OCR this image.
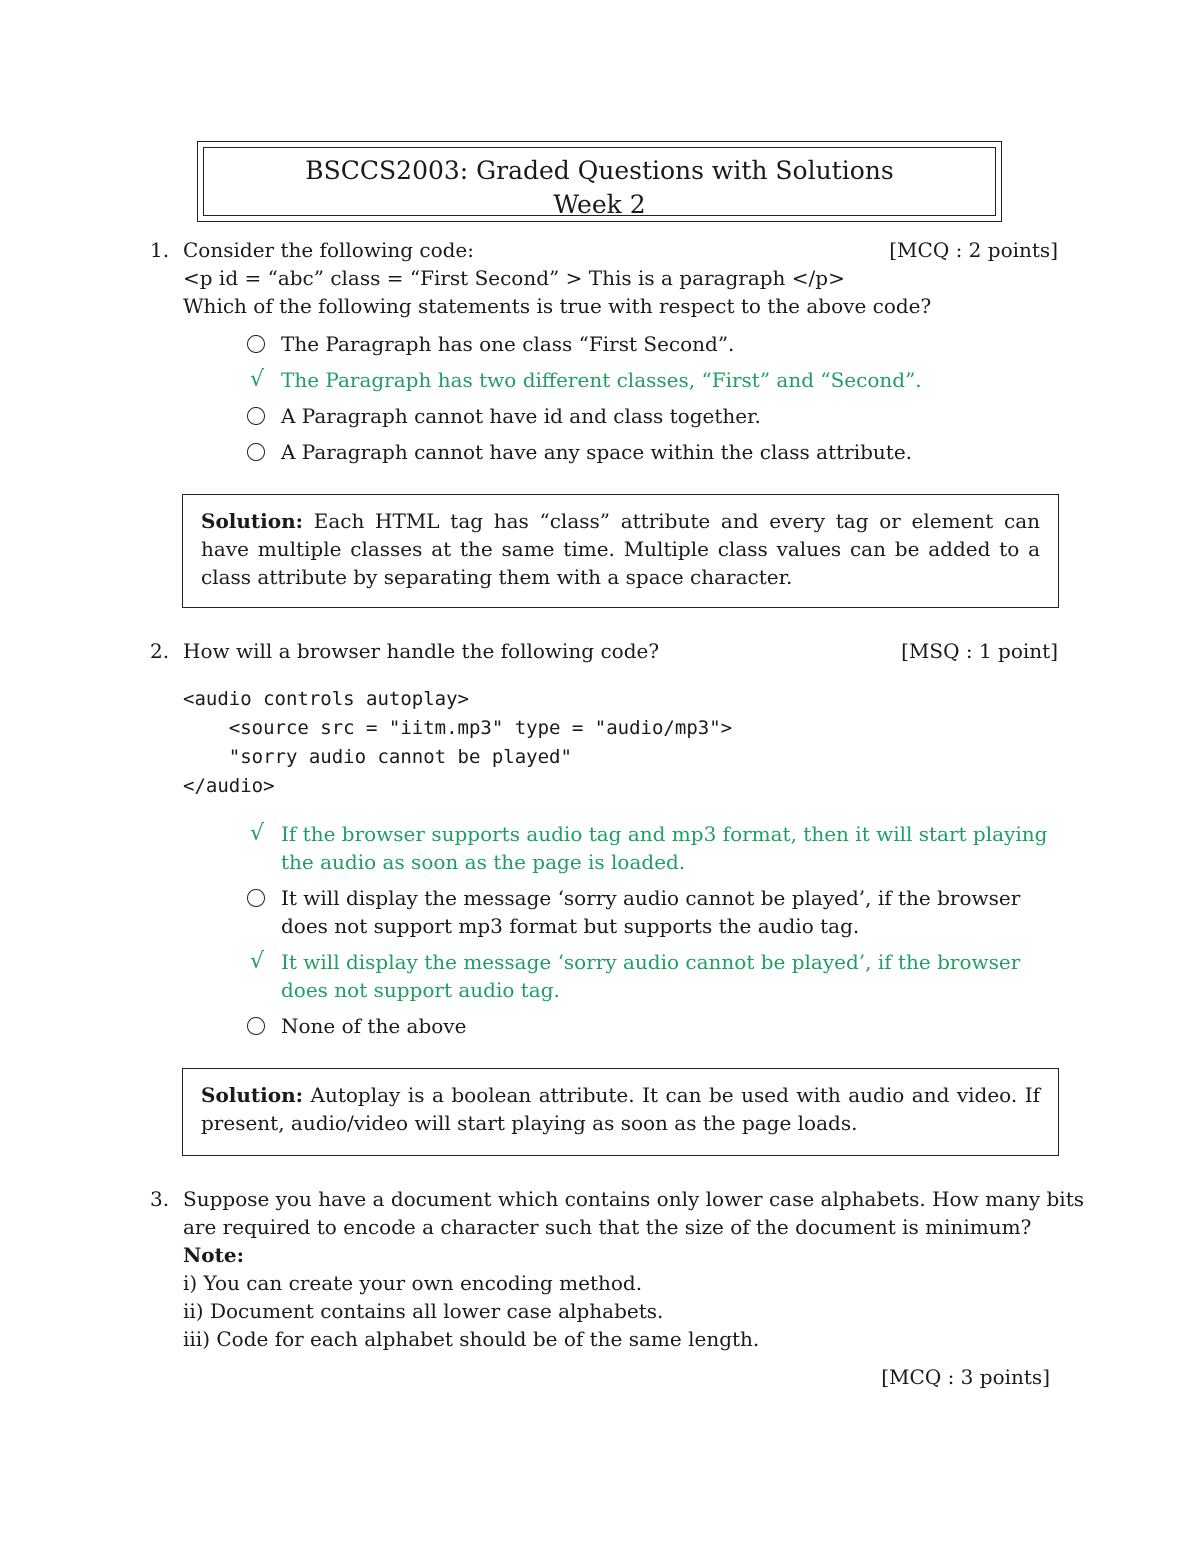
BSCCS2003: Graded Questions with Solutions
Week 2
1. Consider the following code:	[MCQ : 2 points]
<p id = “abc” class = “First Second” > This is a paragraph </p>
Which of the following statements is true with respect to the above code?
The Paragraph has one class “First Second”.
√ The Paragraph has two different classes, “First” and “Second”.
A Paragraph cannot have id and class together.
A Paragraph cannot have any space within the class attribute.
Solution: Each HTML tag has “class” attribute and every tag or element can have multiple classes at the same time. Multiple class values can be added to a class attribute by separating them with a space character.
2. How will a browser handle the following code?	[MSQ : 1 point]
<audio controls autoplay>
<source src = "iitm.mp3" type = "audio/mp3">
"sorry audio cannot be played"
</audio>
√ If the browser supports audio tag and mp3 format, then it will start playing the audio as soon as the page is loaded.
It will display the message ‘sorry audio cannot be played’, if the browser does not support mp3 format but supports the audio tag.
√ It will display the message ‘sorry audio cannot be played’, if the browser does not support audio tag.
None of the above
Solution: Autoplay is a boolean attribute. It can be used with audio and video. If present, audio/video will start playing as soon as the page loads.
3. Suppose you have a document which contains only lower case alphabets. How many bits
are required to encode a character such that the size of the document is minimum?
Note:
i) You can create your own encoding method.
ii) Document contains all lower case alphabets.
iii) Code for each alphabet should be of the same length.
[MCQ : 3 points]
